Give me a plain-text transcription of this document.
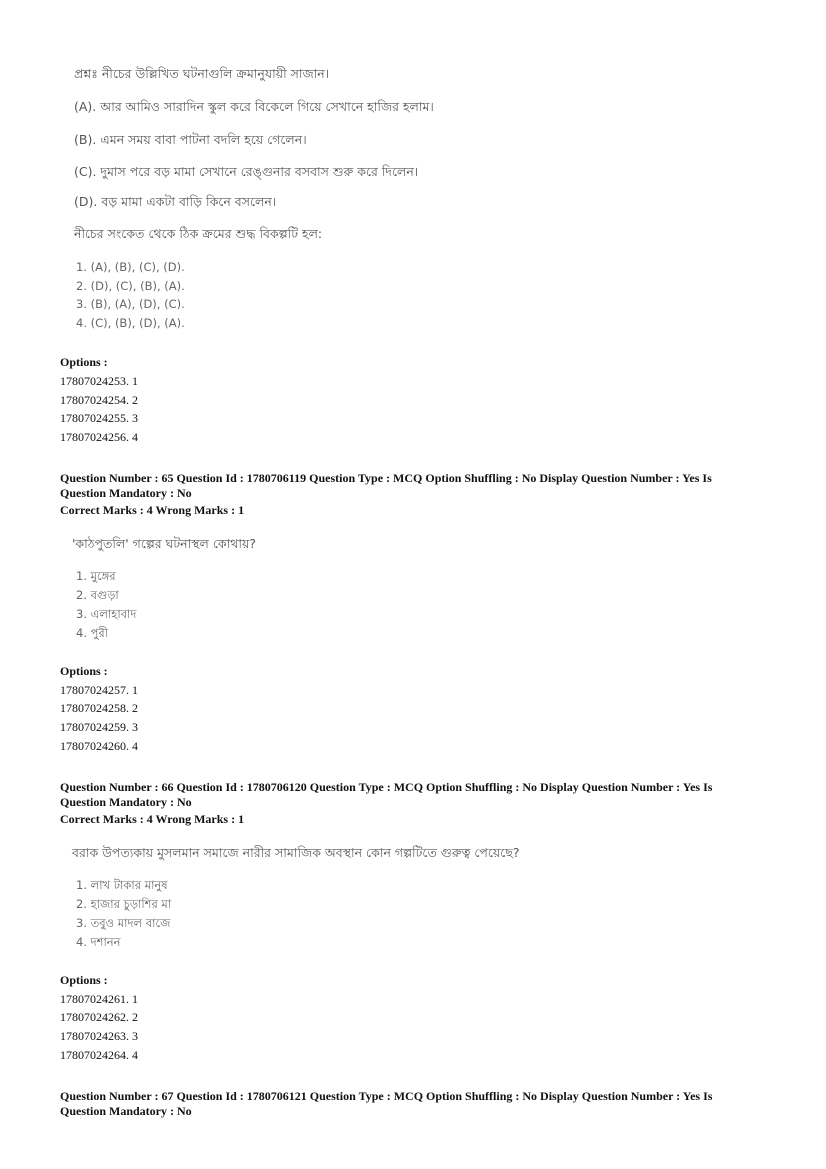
প্রশ্নঃ নীচের উল্লিখিত ঘটনাগুলি ক্রমানুযায়ী সাজান।
(A). আর আমিও সারাদিন স্কুল করে বিকেলে গিয়ে সেখানে হাজির হলাম।
(B). এমন সময় বাবা পাটনা বদলি হয়ে গেলেন।
(C). দুমাস পরে বড় মামা সেখানে রেঙ্গুনার বসবাস শুরু করে দিলেন।
(D). বড় মামা একটা বাড়ি কিনে বসলেন।
নীচের সংকেত থেকে ঠিক ক্রমের শুদ্ধ বিকল্পটি হল:
1. (A), (B), (C), (D).
2. (D), (C), (B), (A).
3. (B), (A), (D), (C).
4. (C), (B), (D), (A).
Options :
17807024253. 1
17807024254. 2
17807024255. 3
17807024256. 4
Question Number : 65 Question Id : 1780706119 Question Type : MCQ Option Shuffling : No Display Question Number : Yes Is
Question Mandatory : No
Correct Marks : 4 Wrong Marks : 1
'কাঠপুতলি' গল্পের ঘটনাস্থল কোথায়?
1. মুঙ্গের
2. বগুড়া
3. এলাহাবাদ
4. পুরী
Options :
17807024257. 1
17807024258. 2
17807024259. 3
17807024260. 4
Question Number : 66 Question Id : 1780706120 Question Type : MCQ Option Shuffling : No Display Question Number : Yes Is
Question Mandatory : No
Correct Marks : 4 Wrong Marks : 1
বরাক উপত্যকায় মুসলমান সমাজে নারীর সামাজিক অবস্থান কোন গল্পটিতে গুরুত্ব পেয়েছে?
1. লাখ টাকার মানুষ
2. হাজার চুড়াশির মা
3. তবুও মাদল বাজে
4. দশানন
Options :
17807024261. 1
17807024262. 2
17807024263. 3
17807024264. 4
Question Number : 67 Question Id : 1780706121 Question Type : MCQ Option Shuffling : No Display Question Number : Yes Is
Question Mandatory : No
